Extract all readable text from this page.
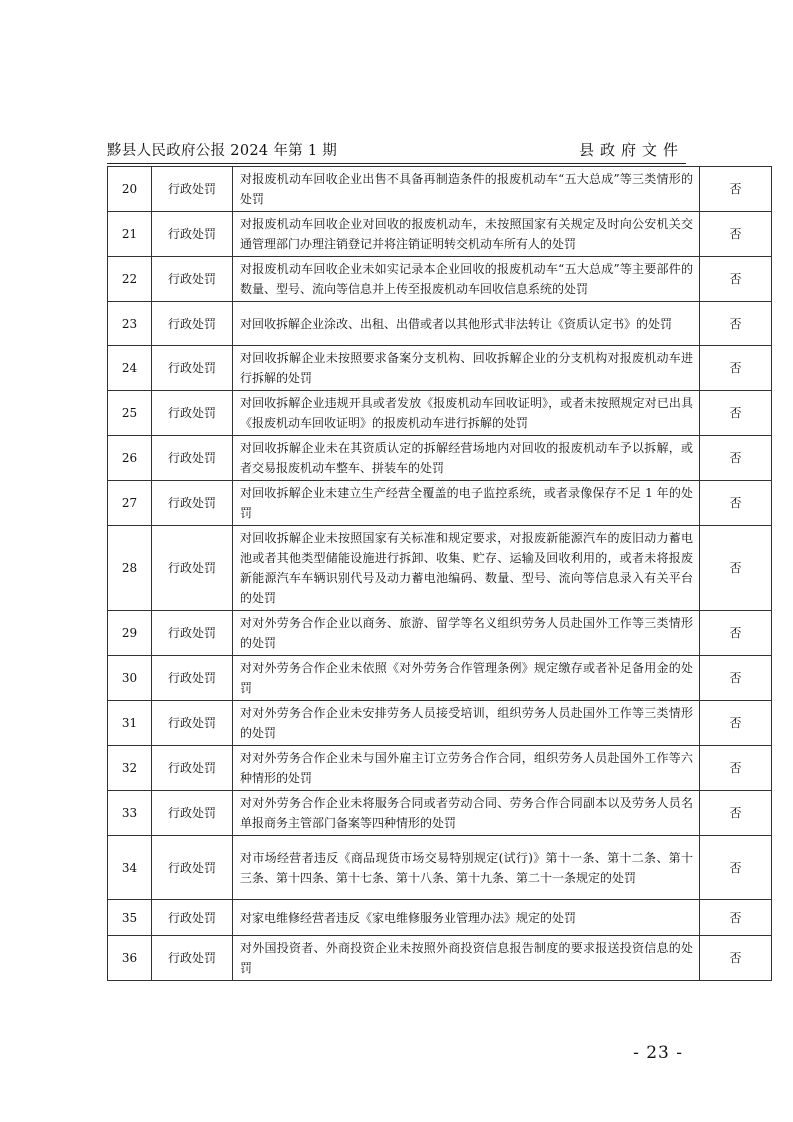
黟县人民政府公报 2024 年第 1 期	县政府文件
20	行政处罚	对报废机动车回收企业出售不具备再制造条件的报废机动车“五大总成”等三类情形的处罚	否
21	行政处罚	对报废机动车回收企业对回收的报废机动车，未按照国家有关规定及时向公安机关交通管理部门办理注销登记并将注销证明转交机动车所有人的处罚	否
22	行政处罚	对报废机动车回收企业未如实记录本企业回收的报废机动车“五大总成”等主要部件的数量、型号、流向等信息并上传至报废机动车回收信息系统的处罚	否
23	行政处罚	对回收拆解企业涂改、出租、出借或者以其他形式非法转让《资质认定书》的处罚	否
24	行政处罚	对回收拆解企业未按照要求备案分支机构、回收拆解企业的分支机构对报废机动车进行拆解的处罚	否
25	行政处罚	对回收拆解企业违规开具或者发放《报废机动车回收证明》，或者未按照规定对已出具《报废机动车回收证明》的报废机动车进行拆解的处罚	否
26	行政处罚	对回收拆解企业未在其资质认定的拆解经营场地内对回收的报废机动车予以拆解，或者交易报废机动车整车、拼装车的处罚	否
27	行政处罚	对回收拆解企业未建立生产经营全覆盖的电子监控系统，或者录像保存不足 1 年的处罚	否
28	行政处罚	对回收拆解企业未按照国家有关标准和规定要求，对报废新能源汽车的废旧动力蓄电池或者其他类型储能设施进行拆卸、收集、贮存、运输及回收利用的，或者未将报废新能源汽车车辆识别代号及动力蓄电池编码、数量、型号、流向等信息录入有关平台的处罚	否
29	行政处罚	对对外劳务合作企业以商务、旅游、留学等名义组织劳务人员赴国外工作等三类情形的处罚	否
30	行政处罚	对对外劳务合作企业未依照《对外劳务合作管理条例》规定缴存或者补足备用金的处罚	否
31	行政处罚	对对外劳务合作企业未安排劳务人员接受培训，组织劳务人员赴国外工作等三类情形的处罚	否
32	行政处罚	对对外劳务合作企业未与国外雇主订立劳务合作合同，组织劳务人员赴国外工作等六种情形的处罚	否
33	行政处罚	对对外劳务合作企业未将服务合同或者劳动合同、劳务合作合同副本以及劳务人员名单报商务主管部门备案等四种情形的处罚	否
34	行政处罚	对市场经营者违反《商品现货市场交易特别规定(试行)》第十一条、第十二条、第十三条、第十四条、第十七条、第十八条、第十九条、第二十一条规定的处罚	否
35	行政处罚	对家电维修经营者违反《家电维修服务业管理办法》规定的处罚	否
36	行政处罚	对外国投资者、外商投资企业未按照外商投资信息报告制度的要求报送投资信息的处罚	否
- 23 -
